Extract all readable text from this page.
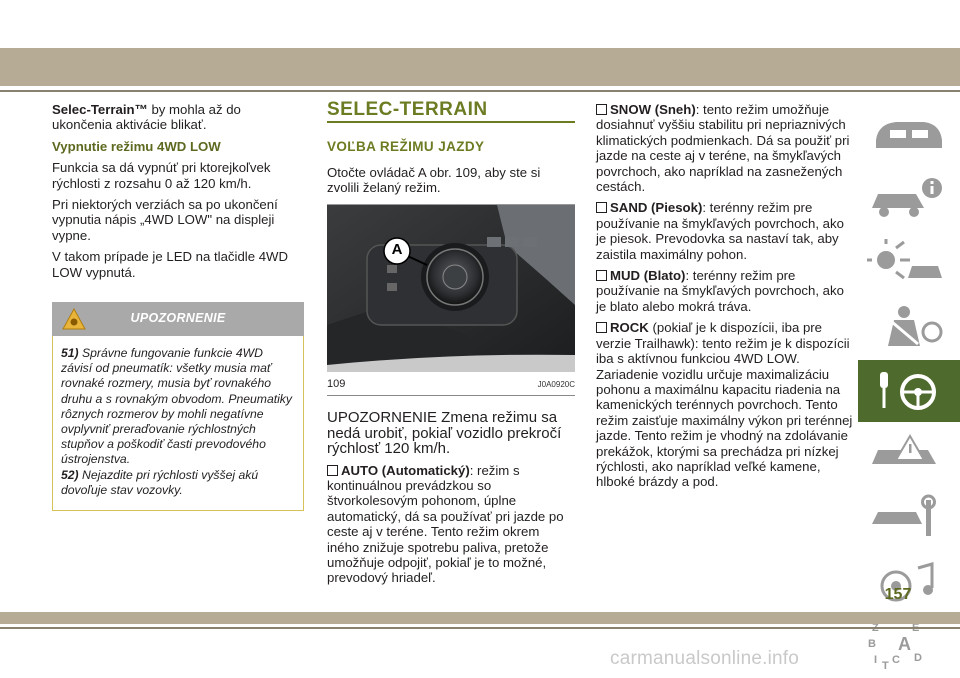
Selec-Terrain™ by mohla až do ukončenia aktivácie blikať.

Vypnutie režimu 4WD LOW

Funkcia sa dá vypnúť pri ktorejkoľvek rýchlosti z rozsahu 0 až 120 km/h.

Pri niektorých verziách sa po ukončení vypnutia nápis „4WD LOW" na displeji vypne.

V takom prípade je LED na tlačidle 4WD LOW vypnutá.

UPOZORNENIE
51) Správne fungovanie funkcie 4WD závisí od pneumatík: všetky musia mať rovnaké rozmery, musia byť rovnakého druhu a s rovnakým obvodom. Pneumatiky rôznych rozmerov by mohli negatívne ovplyvniť preraďovanie rýchlostných stupňov a poškodiť časti prevodového ústrojenstva.
52) Nejazdite pri rýchlosti vyššej akú dovoľuje stav vozovky.
SELEC-TERRAIN
VOĽBA REŽIMU JAZDY

Otočte ovládač A obr. 109, aby ste si zvolili želaný režim.

A
109	J0A0920C

UPOZORNENIE Zmena režimu sa nedá urobiť, pokiaľ vozidlo prekročí rýchlosť 120 km/h.

AUTO (Automatický): režim s kontinuálnou prevádzkou so štvorkolesovým pohonom, úplne automatický, dá sa používať pri jazde po ceste aj v teréne. Tento režim okrem iného znižuje spotrebu paliva, pretože umožňuje odpojiť, pokiaľ je to možné, prevodový hriadeľ.

SNOW (Sneh): tento režim umožňuje dosiahnuť vyššiu stabilitu pri nepriaznivých klimatických podmienkach. Dá sa použiť pri jazde na ceste aj v teréne, na šmykľavých povrchoch, ako napríklad na zasnežených cestách.

SAND (Piesok): terénny režim pre používanie na šmykľavých povrchoch, ako je piesok. Prevodovka sa nastaví tak, aby zaistila maximálny pohon.

MUD (Blato): terénny režim pre používanie na šmykľavých povrchoch, ako je blato alebo mokrá tráva.

ROCK (pokiaľ je k dispozícii, iba pre verzie Trailhawk): tento režim je k dispozícii iba s aktívnou funkciou 4WD LOW. Zariadenie vozidlu určuje maximalizáciu pohonu a maximálnu kapacitu riadenia na kamenických terénnych povrchoch. Tento režim zaisťuje maximálny výkon pri terénnej jazde. Tento režim je vhodný na zdolávanie prekážok, ktorými sa prechádza pri nízkej rýchlosti, ako napríklad veľké kamene, hlboké brázdy a pod.

B A
C
I T
D
157
carmanualsonline.info
